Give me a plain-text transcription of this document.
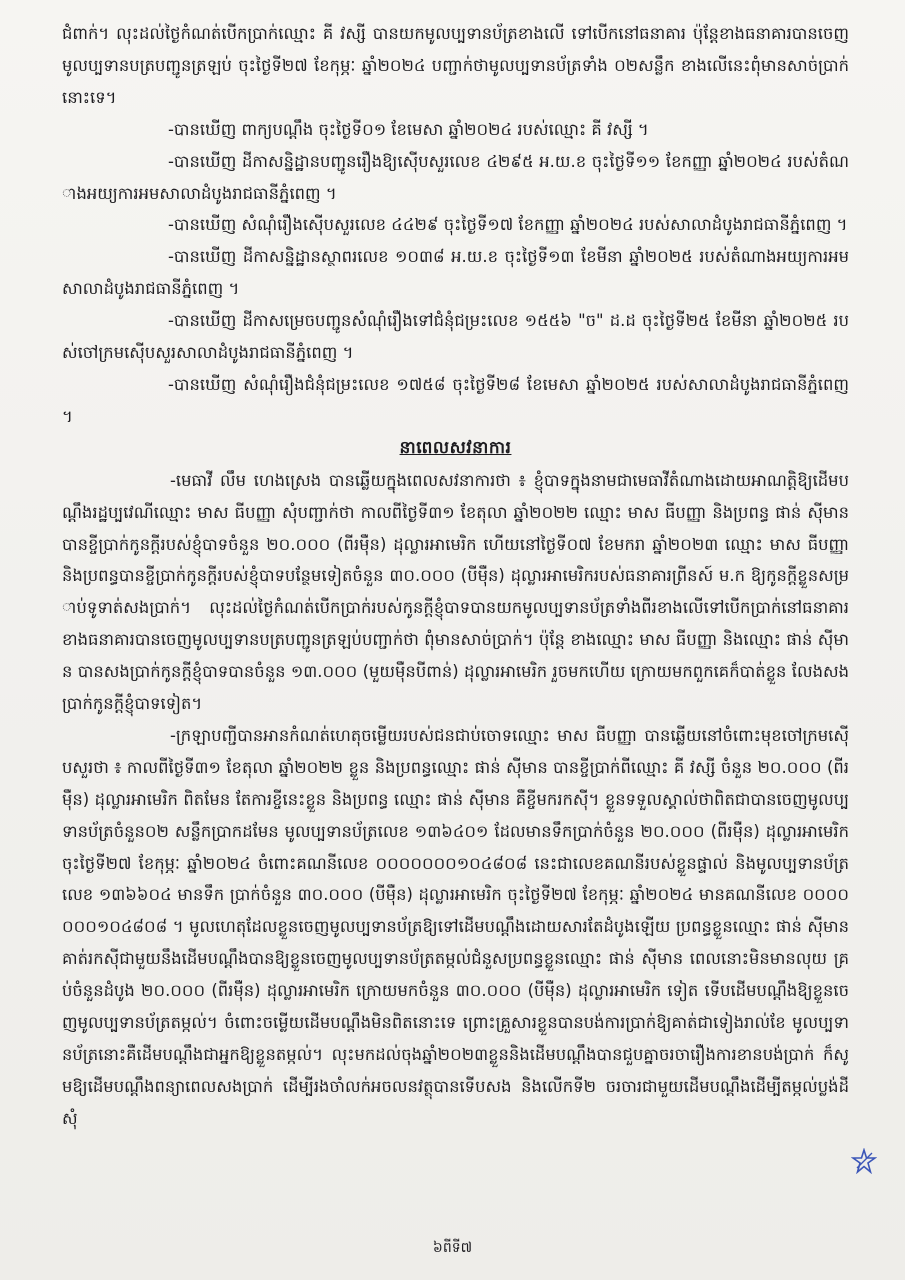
ជំពាក់។ លុះដល់ថ្ងៃកំណត់បើកប្រាក់ឈ្មោះ គី វស្សី បានយកមូលប្បទានប័ត្រខាងលើ ទៅបើកនៅធនាគារ ប៉ុន្តែខាងធនាគារបានចេញមូលប្បទានបត្របញ្ជូនត្រឡប់ ចុះថ្ងៃទី២៧ ខែកុម្ភៈ ឆ្នាំ២០២៤ បញ្ជាក់ថាមូលប្បទានប័ត្រទាំង ០២សន្លឹក ខាងលើនេះពុំមានសាច់ប្រាក់នោះទេ។

-បានឃើញ ពាក្យបណ្តឹង ចុះថ្ងៃទី០១ ខែមេសា ឆ្នាំ២០២៤ របស់ឈ្មោះ គី វស្សី ។

-បានឃើញ ដីកាសន្និដ្ឋានបញ្ជូនរឿងឱ្យស៊ើបសួរលេខ ៤២៩៥ អ.យ.ខ ចុះថ្ងៃទី១១ ខែកញ្ញា ឆ្នាំ២០២៤ របស់តំណាងអយ្យការអមសាលាដំបូងរាជធានីភ្នំពេញ ។

-បានឃើញ សំណុំរឿងស៊ើបសួរលេខ ៤៤២៩ ចុះថ្ងៃទី១៧ ខែកញ្ញា ឆ្នាំ២០២៤ របស់សាលាដំបូងរាជធានីភ្នំពេញ ។

-បានឃើញ ដីកាសន្និដ្ឋានស្ថាពរលេខ ១០៣៨ អ.យ.ខ ចុះថ្ងៃទី១៣ ខែមីនា ឆ្នាំ២០២៥ របស់តំណាងអយ្យការអមសាលាដំបូងរាជធានីភ្នំពេញ ។

-បានឃើញ ដីកាសម្រេចបញ្ជូនសំណុំរឿងទៅជំនុំជម្រះលេខ ១៥៥៦ "ច" ដ.ដ ចុះថ្ងៃទី២៥ ខែមីនា ឆ្នាំ២០២៥ របស់ចៅក្រមស៊ើបសួរសាលាដំបូងរាជធានីភ្នំពេញ ។

-បានឃើញ សំណុំរឿងជំនុំជម្រះលេខ ១៧៥៨ ចុះថ្ងៃទី២៨ ខែមេសា ឆ្នាំ២០២៥ របស់សាលាដំបូងរាជធានីភ្នំពេញ ។

នាពេលសវនាការ

-មេធាវី លឹម ហេងស្រេង បានឆ្លើយក្នុងពេលសវនាការថា ៖ ខ្ញុំបាទក្នុងនាមជាមេធាវីតំណាងដោយអាណត្តិឱ្យដើមបណ្តឹងរដ្ឋប្បវេណីឈ្មោះ មាស ធីបញ្ញា សុំបញ្ជាក់ថា កាលពីថ្ងៃទី៣១ ខែតុលា ឆ្នាំ២០២២ ឈ្មោះ មាស ធីបញ្ញា និងប្រពន្ធ ផាន់ ស៊ីមាន បានខ្ចីប្រាក់កូនក្តីរបស់ខ្ញុំបាទចំនួន ២០.០០០ (ពីរម៉ឺន) ដុល្លារអាមេរិក ហើយនៅថ្ងៃទី០៧ ខែមករា ឆ្នាំ២០២៣ ឈ្មោះ មាស ធីបញ្ញា និងប្រពន្ធបានខ្ចីប្រាក់កូនក្តីរបស់ខ្ញុំបាទបន្ថែមទៀតចំនួន ៣០.០០០ (បីម៉ឺន) ដុល្លារអាមេរិករបស់ធនាគារព្រីនស៍ ម.ក ឱ្យកូនក្តីខ្លួនសម្រាប់ទូទាត់សងប្រាក់។ លុះដល់ថ្ងៃកំណត់បើកប្រាក់របស់កូនក្តីខ្ញុំបាទបានយកមូលប្បទានប័ត្រទាំងពីរខាងលើទៅបើកប្រាក់នៅធនាគារ ខាងធនាគារបានចេញមូលប្បទានបត្របញ្ជូនត្រឡប់បញ្ជាក់ថា ពុំមានសាច់ប្រាក់។ ប៉ុន្តែ ខាងឈ្មោះ មាស ធីបញ្ញា និងឈ្មោះ ផាន់ ស៊ីមាន បានសងប្រាក់កូនក្តីខ្ញុំបាទបានចំនួន ១៣.០០០ (មួយម៉ឺនបីពាន់) ដុល្លារអាមេរិក រួចមកហើយ ក្រោយមកពួកគេក៏បាត់ខ្លួន លែងសងប្រាក់កូនក្តីខ្ញុំបាទទៀត។

-ក្រឡាបញ្ជីបានអានកំណត់ហេតុចម្លើយរបស់ជនជាប់ចោទឈ្មោះ មាស ធីបញ្ញា បានឆ្លើយនៅចំពោះមុខចៅក្រមស៊ើបសួរថា ៖ កាលពីថ្ងៃទី៣១ ខែតុលា ឆ្នាំ២០២២ ខ្លួន និងប្រពន្ធឈ្មោះ ផាន់ ស៊ីមាន បានខ្ចីប្រាក់ពីឈ្មោះ គី វស្សី ចំនួន ២០.០០០ (ពីរម៉ឺន) ដុល្លារអាមេរិក ពិតមែន តែការខ្ចីនេះខ្លួន និងប្រពន្ធ ឈ្មោះ ផាន់ ស៊ីមាន គឺខ្ចីមករកស៊ី។ ខ្លួនទទួលស្គាល់ថាពិតជាបានចេញមូលប្បទានប័ត្រចំនួន០២ សន្លឹកប្រាកដមែន មូលប្បទានប័ត្រលេខ ១៣៦៤០១ ដែលមានទឹកប្រាក់ចំនួន ២០.០០០ (ពីរម៉ឺន) ដុល្លារអាមេរិក ចុះថ្ងៃទី២៧ ខែកុម្ភៈ ឆ្នាំ២០២៤ ចំពោះគណនីលេខ ០០០០០០០១០៤៨០៨ នេះជាលេខគណនីរបស់ខ្លួនផ្ទាល់ និងមូលប្បទានប័ត្រលេខ ១៣៦៦០៤ មានទឹក ប្រាក់ចំនួន ៣០.០០០ (បីម៉ឺន) ដុល្លារអាមេរិក ចុះថ្ងៃទី២៧ ខែកុម្ភៈ ឆ្នាំ២០២៤ មានគណនីលេខ ០០០០០០០១០៤៨០៨ ។ មូលហេតុដែលខ្លួនចេញមូលប្បទានប័ត្រឱ្យទៅដើមបណ្តឹងដោយសារតែដំបូងឡើយ ប្រពន្ធខ្លួនឈ្មោះ ផាន់ ស៊ីមាន គាត់រកស៊ីជាមួយនឹងដើមបណ្តឹងបានឱ្យខ្លួនចេញមូលប្បទានប័ត្រតម្កល់ជំនួសប្រពន្ធខ្លួនឈ្មោះ ផាន់ ស៊ីមាន ពេលនោះមិនមានលុយ គ្រប់ចំនួនដំបូង ២០.០០០ (ពីរម៉ឺន) ដុល្លារអាមេរិក ក្រោយមកចំនួន ៣០.០០០ (បីម៉ឺន) ដុល្លារអាមេរិក ទៀត ទើបដើមបណ្តឹងឱ្យខ្លួនចេញមូលប្បទានប័ត្រតម្កល់។ ចំពោះចម្លើយដើមបណ្តឹងមិនពិតនោះទេ ព្រោះគ្រួសារខ្លួនបានបង់ការប្រាក់ឱ្យគាត់ជាទៀងរាល់ខែ មូលប្បទានប័ត្រនោះគឺដើមបណ្តឹងជាអ្នកឱ្យខ្លួនតម្កល់។ លុះមកដល់ចុងឆ្នាំ២០២៣ខ្លួននិងដើមបណ្តឹងបានជួបគ្នាចរចារឿងការខានបង់ប្រាក់ ក៏សូមឱ្យដើមបណ្តឹងពន្យាពេលសងប្រាក់ ដើម្បីរងចាំលក់អចលនវត្ថុបានទើបសង និងលើកទី២ ចរចារជាមួយដើមបណ្តឹងដើម្បីតម្កល់ប្លង់ដីសុំ

៦ពីទី៧
